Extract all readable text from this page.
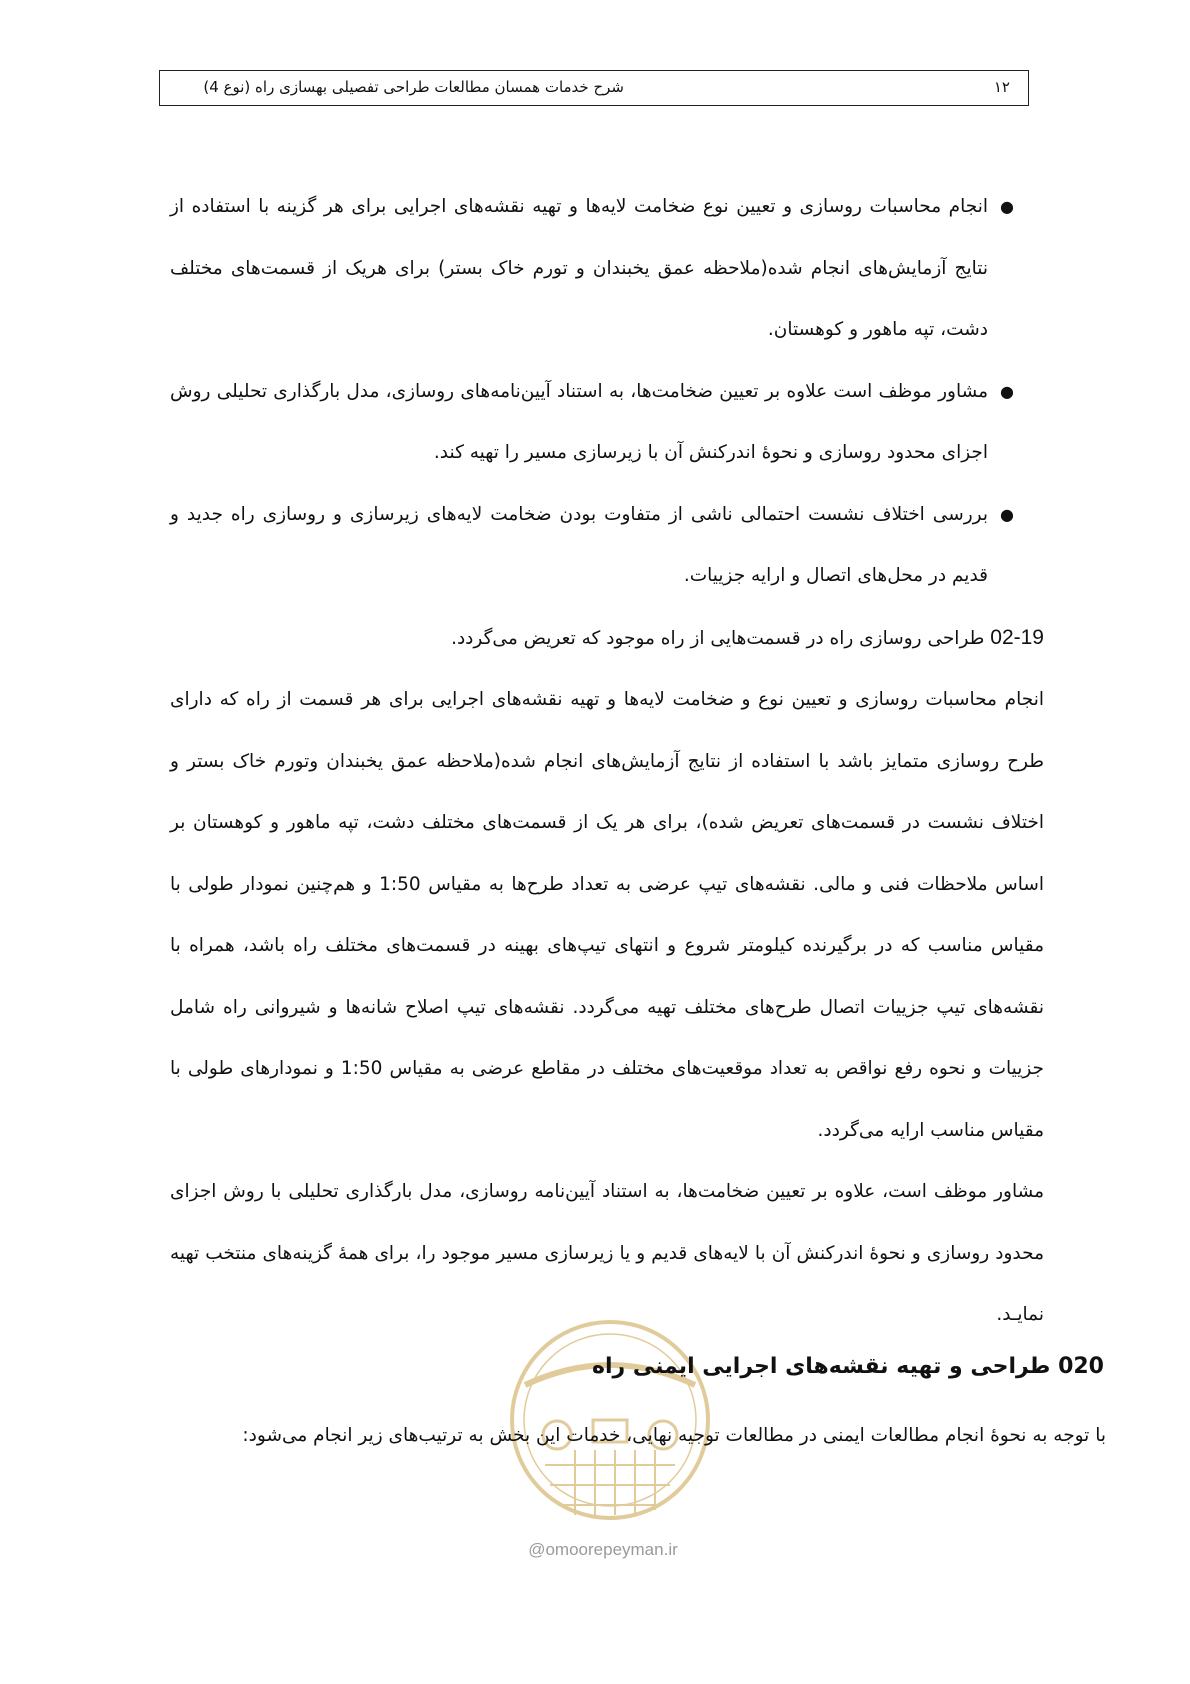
۱۲
شرح خدمات همسان مطالعات طراحی تفصیلی بهسازی راه (نوع 4)
●
انجام محاسبات روسازی و تعیین نوع ضخامت لایه‌ها و تهیه نقشه‌های اجرایی برای هر گزینه با استفاده از نتایج آزمایش‌های انجام شده(ملاحظه عمق یخبندان و تورم خاک بستر) برای هریک از قسمت‌های مختلف دشت، تپه ماهور و کوهستان.
●
مشاور موظف است علاوه بر تعیین ضخامت‌ها، به استناد آیین‌نامه‌های روسازی، مدل بارگذاری تحلیلی روش اجزای محدود روسازی و نحوهٔ اندرکنش آن با زیرسازی مسیر را تهیه کند.
●
بررسی اختلاف نشست احتمالی ناشی از متفاوت بودن ضخامت لایه‌های زیرسازی و روسازی راه جدید و قدیم در محل‌های اتصال و ارایه جزییات.
02-19 طراحی روسازی راه در قسمت‌هایی از راه موجود که تعریض می‌گردد.
انجام محاسبات روسازی و تعیین نوع و ضخامت لایه‌ها و تهیه نقشه‌های اجرایی برای هر قسمت از راه که دارای طرح روسازی متمایز باشد با استفاده از نتایج آزمایش‌های انجام شده(ملاحظه عمق یخبندان وتورم خاک بستر و اختلاف نشست در قسمت‌های تعریض شده)، برای هر یک از قسمت‌های مختلف دشت، تپه ماهور و کوهستان بر اساس ملاحظات فنی و مالی. نقشه‌های تیپ عرضی به تعداد طرح‌ها به مقیاس 1:50 و هم‌چنین نمودار طولی با مقیاس مناسب که در برگیرنده کیلومتر شروع و انتهای تیپ‌های بهینه در قسمت‌های مختلف راه باشد، همراه با نقشه‌های تیپ جزییات اتصال طرح‌های مختلف تهیه می‌گردد. نقشه‌های تیپ اصلاح شانه‌ها و شیروانی راه شامل جزییات و نحوه رفع نواقص به تعداد موقعیت‌های مختلف در مقاطع عرضی به مقیاس 1:50 و نمودارهای طولی با مقیاس مناسب ارایه می‌گردد.
مشاور موظف است، علاوه بر تعیین ضخامت‌ها، به استناد آیین‌نامه روسازی، مدل بارگذاری تحلیلی با روش اجزای محدود روسازی و نحوهٔ اندرکنش آن با لایه‌های قدیم و یا زیرسازی مسیر موجود را، برای همهٔ گزینه‌های منتخب تهیه نمایـد.
@omoorepeyman.ir
020 طراحی و تهیه نقشه‌های اجرایی ایمنی راه
با توجه به نحوهٔ انجام مطالعات ایمنی در مطالعات توجیه نهایی، خدمات این بخش به ترتیب‌های زیر انجام می‌شود:
